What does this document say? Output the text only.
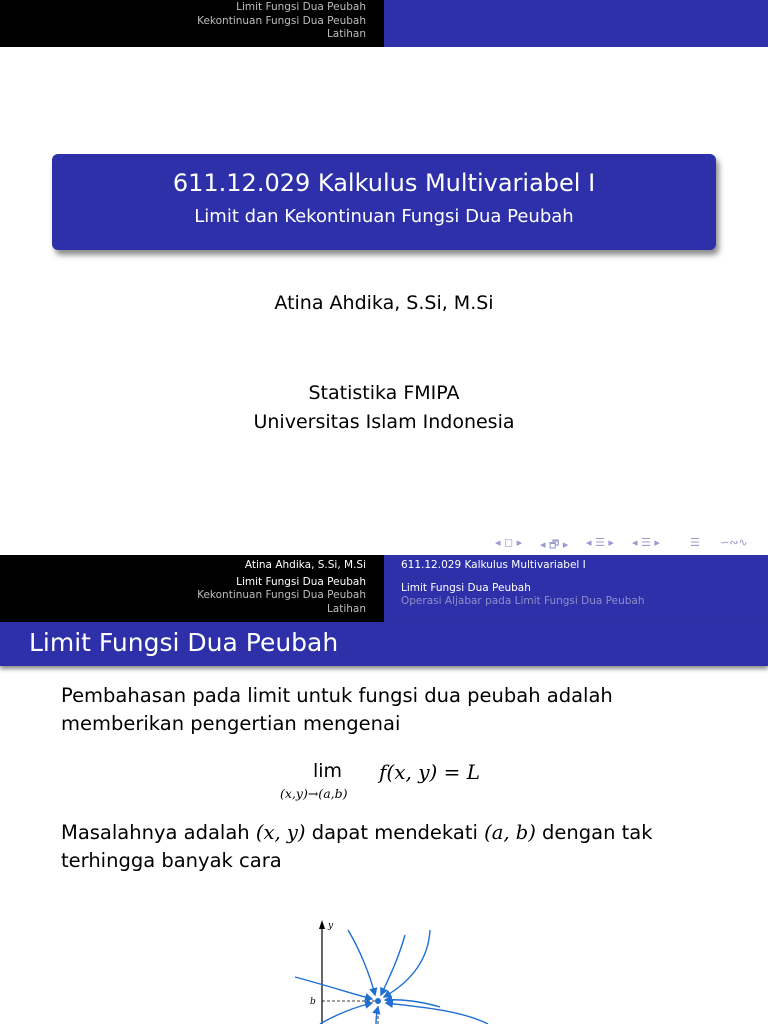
Limit Fungsi Dua Peubah
Kekontinuan Fungsi Dua Peubah
Latihan
611.12.029 Kalkulus Multivariabel I
Limit dan Kekontinuan Fungsi Dua Peubah
Atina Ahdika, S.Si, M.Si
Statistika FMIPA
Universitas Islam Indonesia
◂ ◻ ▸ ◂ 🗗 ▸ ◂ ☰ ▸ ◂ ☰ ▸	☰ ∽∾∿
Atina Ahdika, S.Si, M.Si
Limit Fungsi Dua Peubah
Kekontinuan Fungsi Dua Peubah
Latihan
611.12.029 Kalkulus Multivariabel I
Limit Fungsi Dua Peubah
Operasi Aljabar pada Limit Fungsi Dua Peubah
Limit Fungsi Dua Peubah
Pembahasan pada limit untuk fungsi dua peubah adalah memberikan pengertian mengenai
lim
(x,y)→(a,b)
f(x, y) = L
Masalahnya adalah (x, y) dapat mendekati (a, b) dengan tak terhingga banyak cara
y
b
